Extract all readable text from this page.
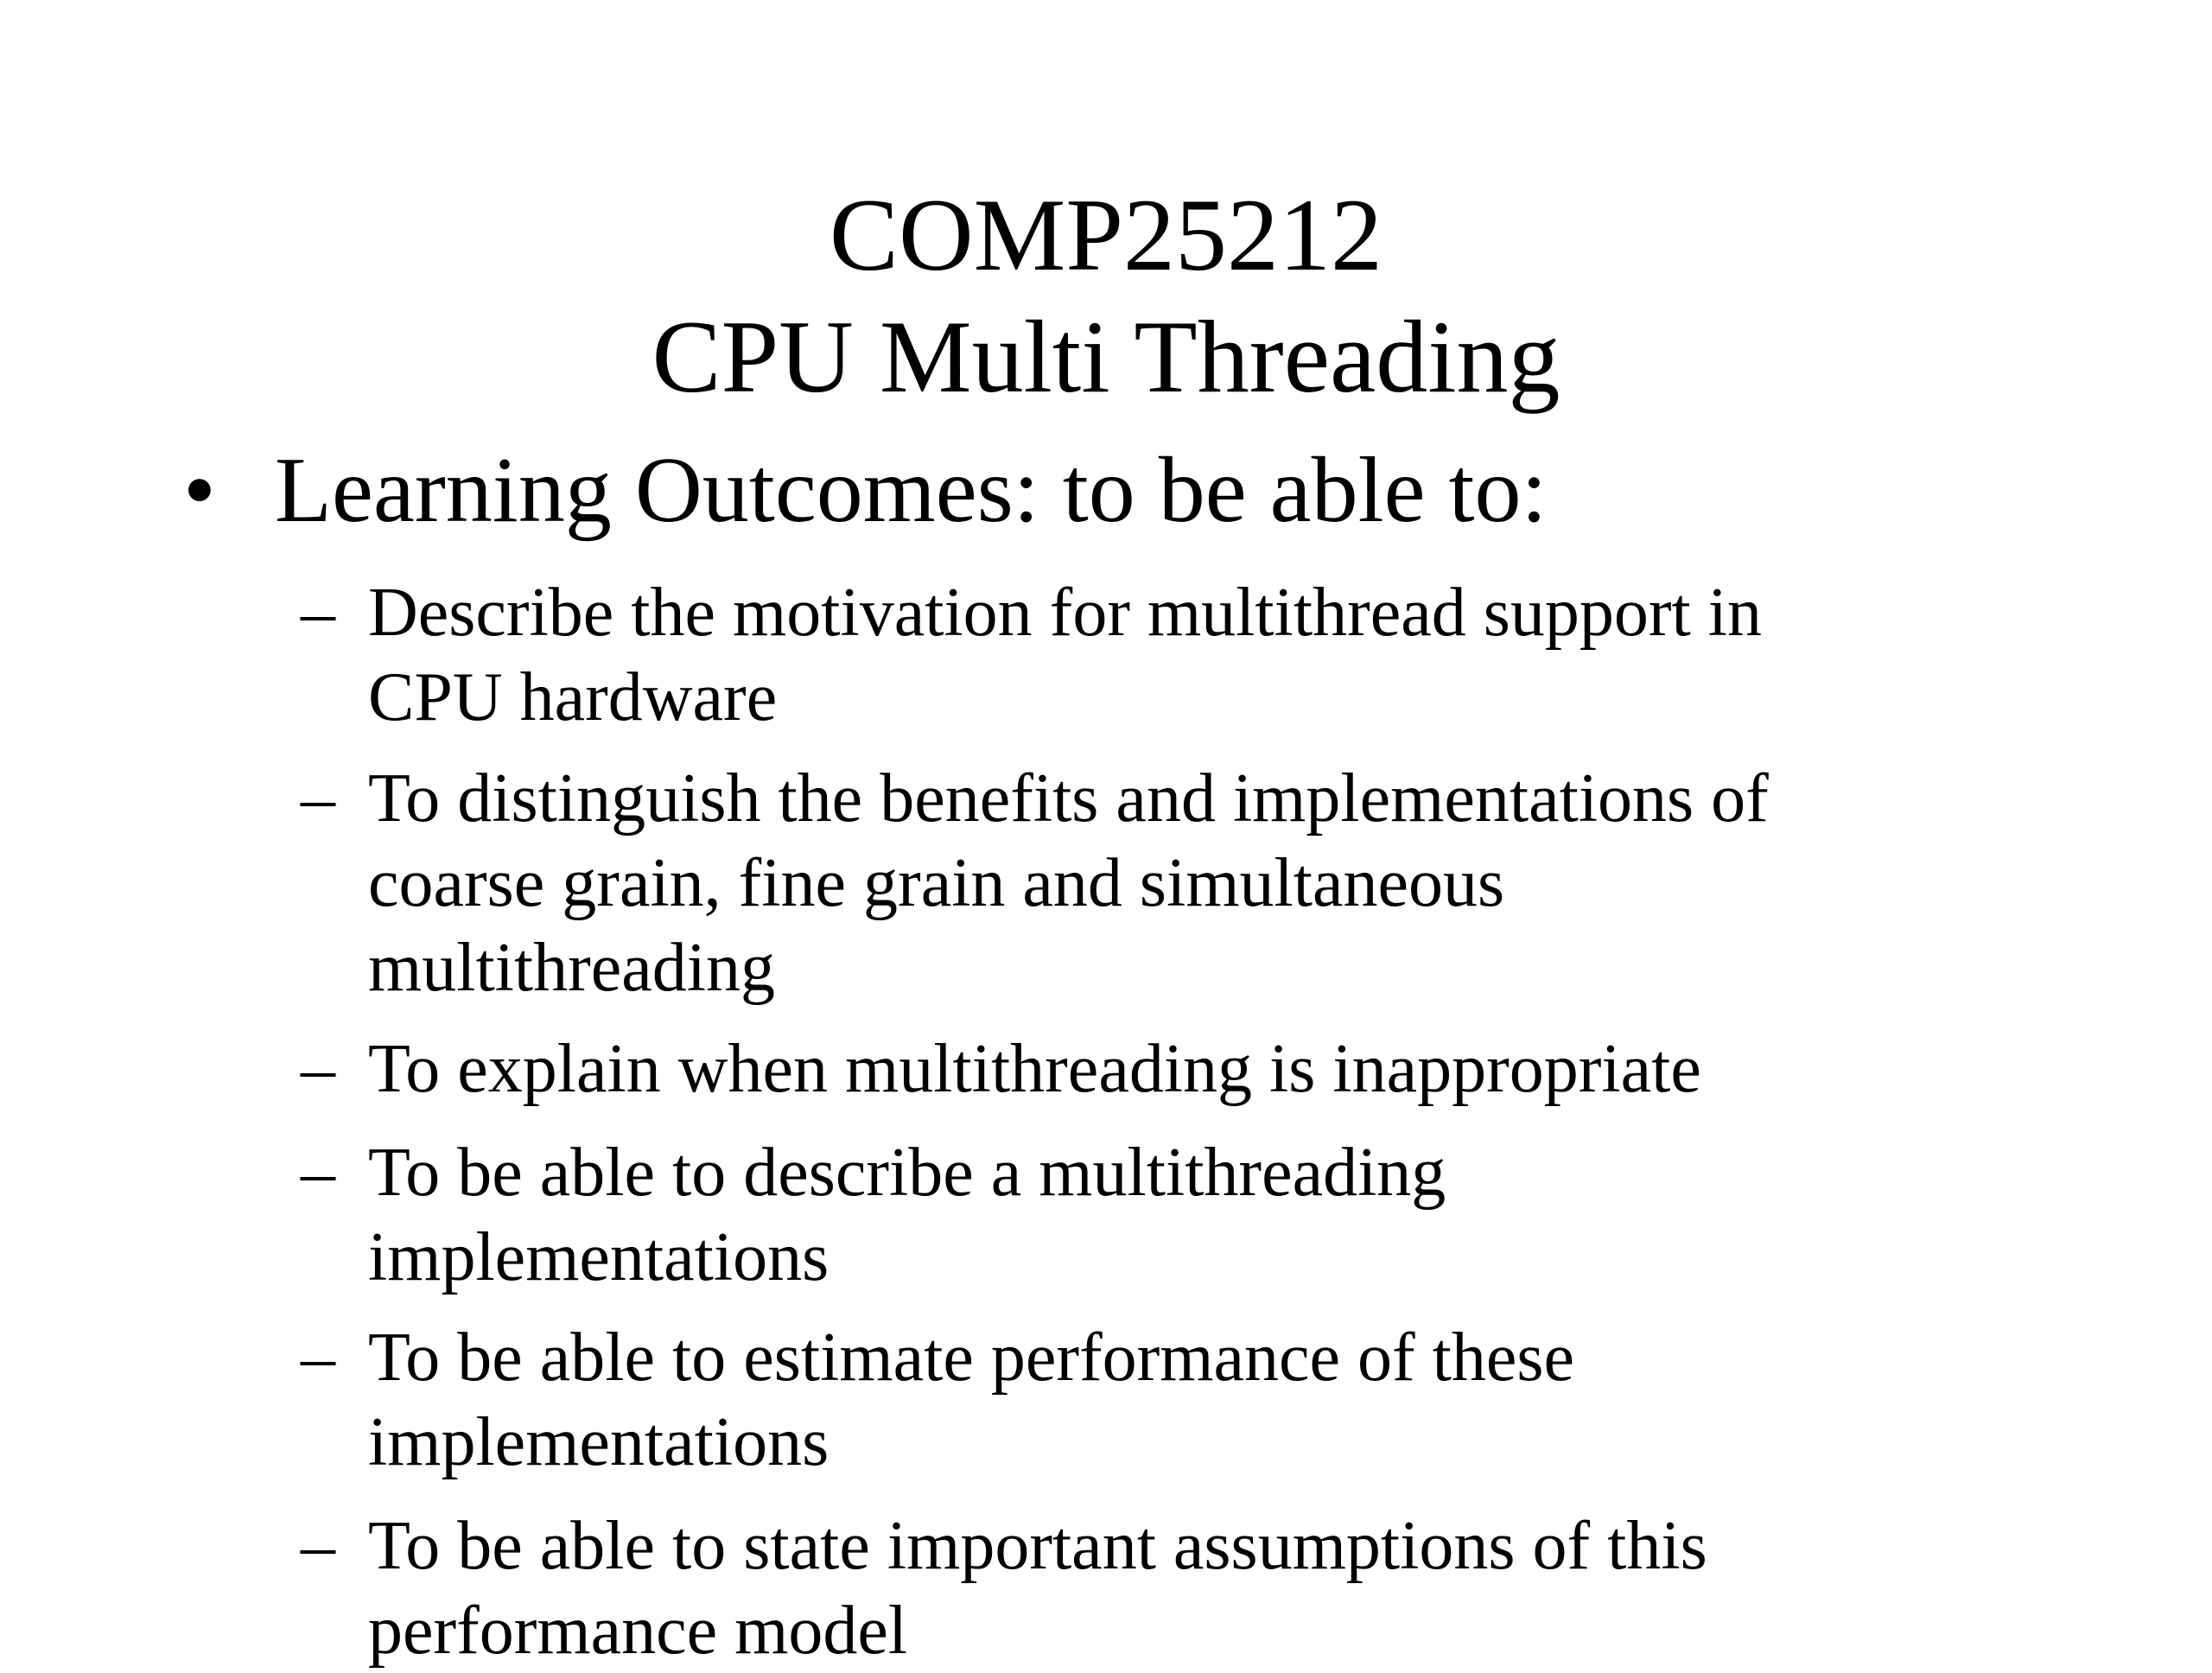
COMP25212
CPU Multi Threading
• Learning Outcomes: to be able to:
– Describe the motivation for multithread support in
CPU hardware
– To distinguish the benefits and implementations of
coarse grain, fine grain and simultaneous
multithreading
– To explain when multithreading is inappropriate
– To be able to describe a multithreading
implementations
– To be able to estimate performance of these
implementations
– To be able to state important assumptions of this
performance model
